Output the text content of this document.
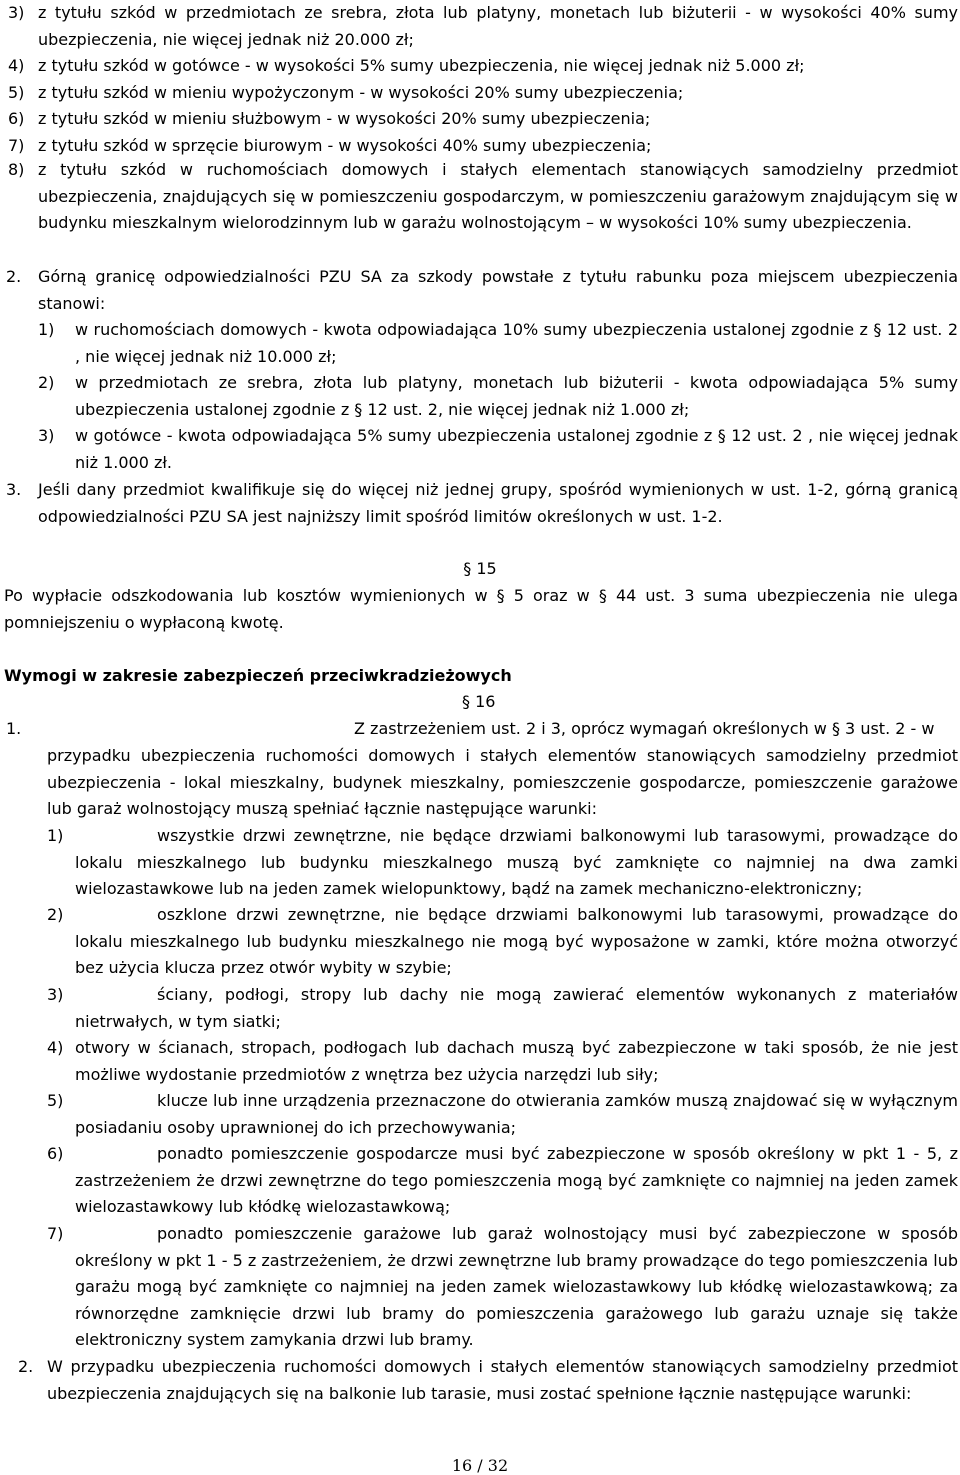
3) z tytułu szkód w przedmiotach ze srebra, złota lub platyny, monetach lub biżuterii - w wysokości 40% sumy ubezpieczenia, nie więcej jednak niż 20.000 zł;
4) z tytułu szkód w gotówce - w wysokości 5% sumy ubezpieczenia, nie więcej jednak niż 5.000 zł;
5) z tytułu szkód w mieniu wypożyczonym - w wysokości 20% sumy ubezpieczenia;
6) z tytułu szkód w mieniu służbowym - w wysokości 20% sumy ubezpieczenia;
7) z tytułu szkód w sprzęcie biurowym - w wysokości 40% sumy ubezpieczenia;
8) z tytułu szkód w ruchomościach domowych i stałych elementach stanowiących samodzielny przedmiot ubezpieczenia, znajdujących się w pomieszczeniu gospodarczym, w pomieszczeniu garażowym znajdującym się w budynku mieszkalnym wielorodzinnym lub w garażu wolnostojącym – w wysokości 10% sumy ubezpieczenia.
2. Górną granicę odpowiedzialności PZU SA za szkody powstałe z tytułu rabunku poza miejscem ubezpieczenia stanowi:
1) w ruchomościach domowych - kwota odpowiadająca 10% sumy ubezpieczenia ustalonej zgodnie z § 12 ust. 2 , nie więcej jednak niż 10.000 zł;
2) w przedmiotach ze srebra, złota lub platyny, monetach lub biżuterii - kwota odpowiadająca 5% sumy ubezpieczenia ustalonej zgodnie z § 12 ust. 2, nie więcej jednak niż 1.000 zł;
3) w gotówce - kwota odpowiadająca 5% sumy ubezpieczenia ustalonej zgodnie z § 12 ust. 2 , nie więcej jednak niż 1.000 zł.
3. Jeśli dany przedmiot kwalifikuje się do więcej niż jednej grupy, spośród wymienionych w ust. 1-2, górną granicą odpowiedzialności PZU SA jest najniższy limit spośród limitów określonych w ust. 1-2.
§ 15
Po wypłacie odszkodowania lub kosztów wymienionych w § 5 oraz w § 44 ust. 3 suma ubezpieczenia nie ulega pomniejszeniu o wypłaconą kwotę.
Wymogi w zakresie zabezpieczeń przeciwkradzieżowych
§ 16
1.	Z zastrzeżeniem ust. 2 i 3, oprócz wymagań określonych w § 3 ust. 2 - w
przypadku ubezpieczenia ruchomości domowych i stałych elementów stanowiących samodzielny przedmiot ubezpieczenia - lokal mieszkalny, budynek mieszkalny, pomieszczenie gospodarcze, pomieszczenie garażowe lub garaż wolnostojący muszą spełniać łącznie następujące warunki:
1)	wszystkie drzwi zewnętrzne, nie będące drzwiami balkonowymi lub tarasowymi, prowadzące do lokalu mieszkalnego lub budynku mieszkalnego muszą być zamknięte co najmniej na dwa zamki wielozastawkowe lub na jeden zamek wielopunktowy, bądź na zamek mechaniczno-elektroniczny;
2)	oszklone drzwi zewnętrzne, nie będące drzwiami balkonowymi lub tarasowymi, prowadzące do lokalu mieszkalnego lub budynku mieszkalnego nie mogą być wyposażone w zamki, które można otworzyć bez użycia klucza przez otwór wybity w szybie;
3)	ściany, podłogi, stropy lub dachy nie mogą zawierać elementów wykonanych z materiałów nietrwałych, w tym siatki;
4) otwory w ścianach, stropach, podłogach lub dachach muszą być zabezpieczone w taki sposób, że nie jest możliwe wydostanie przedmiotów z wnętrza bez użycia narzędzi lub siły;
5)	klucze lub inne urządzenia przeznaczone do otwierania zamków muszą znajdować się w wyłącznym posiadaniu osoby uprawnionej do ich przechowywania;
6)	ponadto pomieszczenie gospodarcze musi być zabezpieczone w sposób określony w pkt 1 - 5, z zastrzeżeniem że drzwi zewnętrzne do tego pomieszczenia mogą być zamknięte co najmniej na jeden zamek wielozastawkowy lub kłódkę wielozastawkową;
7)	ponadto pomieszczenie garażowe lub garaż wolnostojący musi być zabezpieczone w sposób określony w pkt 1 - 5 z zastrzeżeniem, że drzwi zewnętrzne lub bramy prowadzące do tego pomieszczenia lub garażu mogą być zamknięte co najmniej na jeden zamek wielozastawkowy lub kłódkę wielozastawkową; za równorzędne zamknięcie drzwi lub bramy do pomieszczenia garażowego lub garażu uznaje się także elektroniczny system zamykania drzwi lub bramy.
2. W przypadku ubezpieczenia ruchomości domowych i stałych elementów stanowiących samodzielny przedmiot ubezpieczenia znajdujących się na balkonie lub tarasie, musi zostać spełnione łącznie następujące warunki:
16 / 32
